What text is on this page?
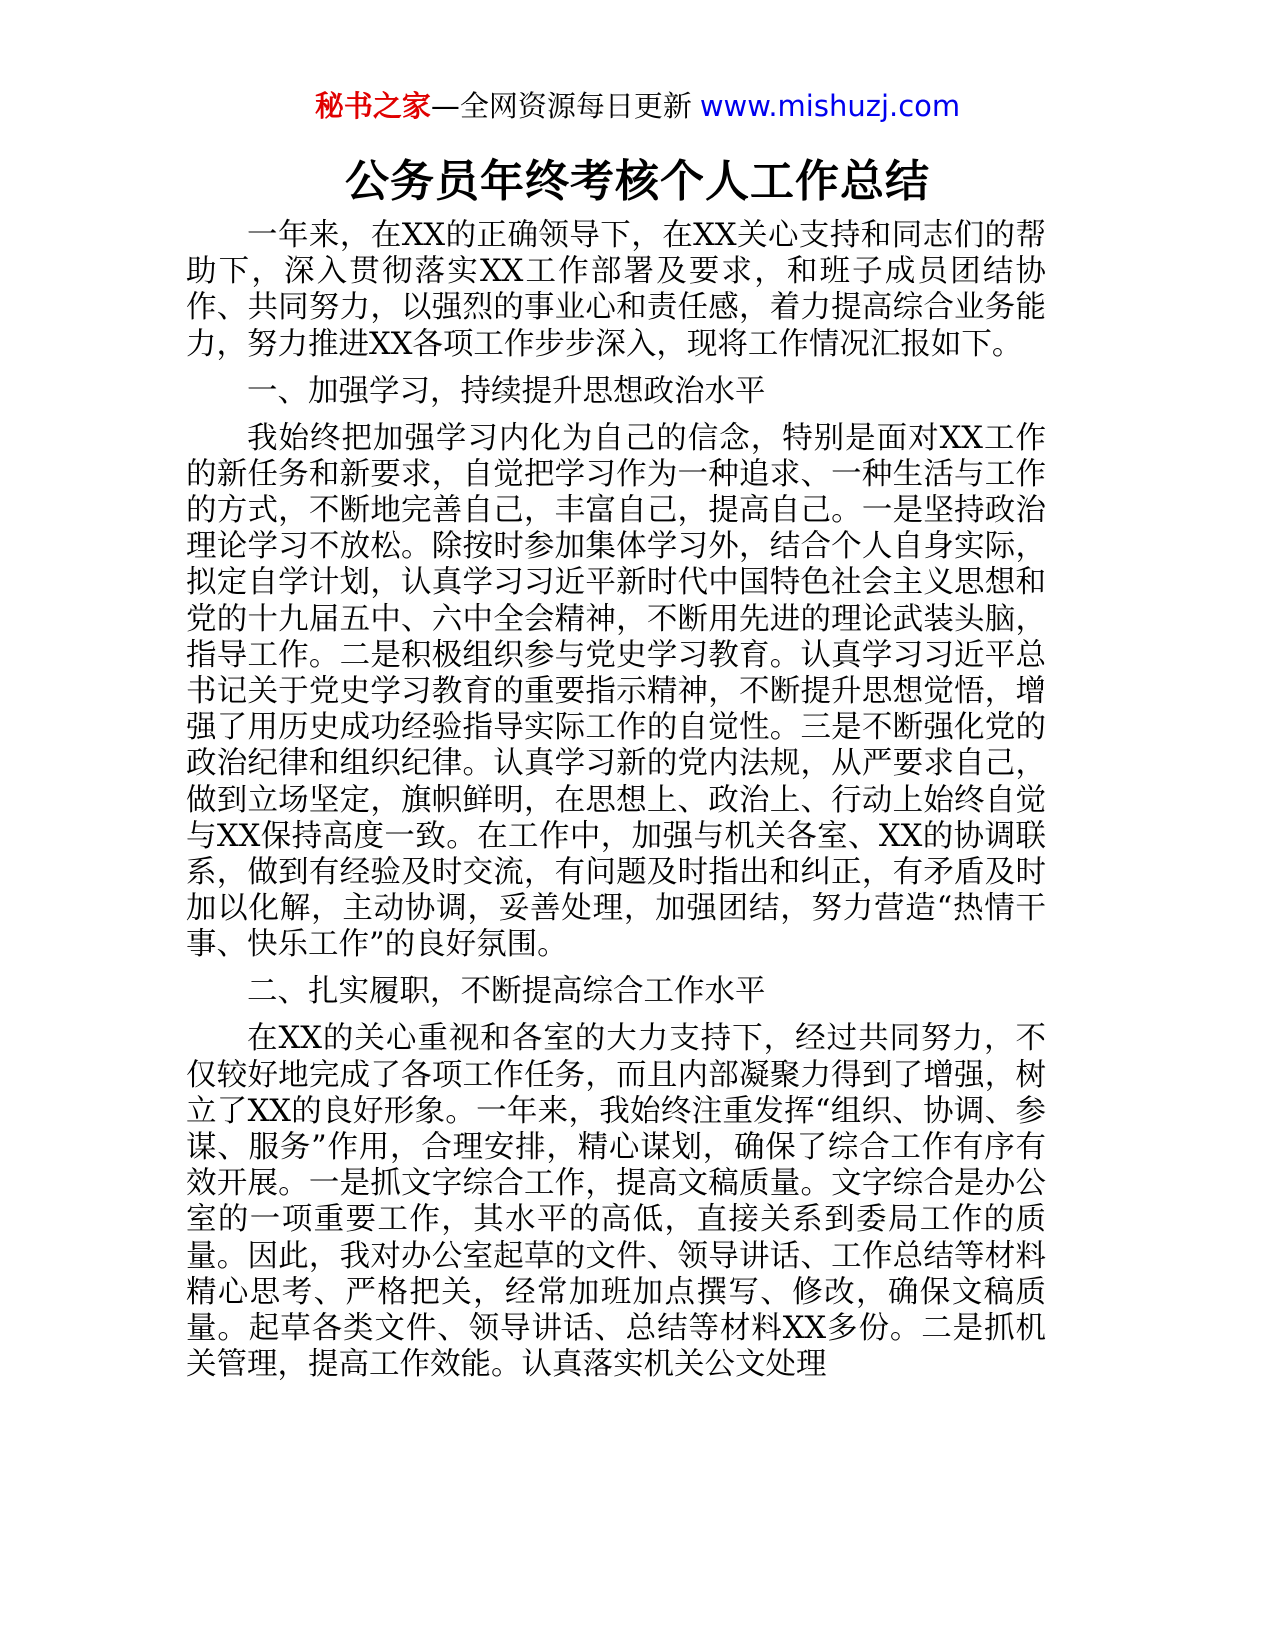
秘书之家—全网资源每日更新 www.mishuzj.com
公务员年终考核个人工作总结

一年来，在XX的正确领导下，在XX关心支持和同志们的帮助下，深入贯彻落实XX工作部署及要求，和班子成员团结协作、共同努力，以强烈的事业心和责任感，着力提高综合业务能力，努力推进XX各项工作步步深入，现将工作情况汇报如下。

一、加强学习，持续提升思想政治水平

我始终把加强学习内化为自己的信念，特别是面对XX工作的新任务和新要求，自觉把学习作为一种追求、一种生活与工作的方式，不断地完善自己，丰富自己，提高自己。一是坚持政治理论学习不放松。除按时参加集体学习外，结合个人自身实际，拟定自学计划，认真学习习近平新时代中国特色社会主义思想和党的十九届五中、六中全会精神，不断用先进的理论武装头脑，指导工作。二是积极组织参与党史学习教育。认真学习习近平总书记关于党史学习教育的重要指示精神，不断提升思想觉悟，增强了用历史成功经验指导实际工作的自觉性。三是不断强化党的政治纪律和组织纪律。认真学习新的党内法规，从严要求自己，做到立场坚定，旗帜鲜明，在思想上、政治上、行动上始终自觉与XX保持高度一致。在工作中，加强与机关各室、XX的协调联系，做到有经验及时交流，有问题及时指出和纠正，有矛盾及时加以化解，主动协调，妥善处理，加强团结，努力营造“热情干事、快乐工作”的良好氛围。

二、扎实履职，不断提高综合工作水平

在XX的关心重视和各室的大力支持下，经过共同努力，不仅较好地完成了各项工作任务，而且内部凝聚力得到了增强，树立了XX的良好形象。一年来，我始终注重发挥“组织、协调、参谋、服务”作用，合理安排，精心谋划，确保了综合工作有序有效开展。一是抓文字综合工作，提高文稿质量。文字综合是办公室的一项重要工作，其水平的高低，直接关系到委局工作的质量。因此，我对办公室起草的文件、领导讲话、工作总结等材料精心思考、严格把关，经常加班加点撰写、修改，确保文稿质量。起草各类文件、领导讲话、总结等材料XX多份。二是抓机关管理，提高工作效能。认真落实机关公文处理
